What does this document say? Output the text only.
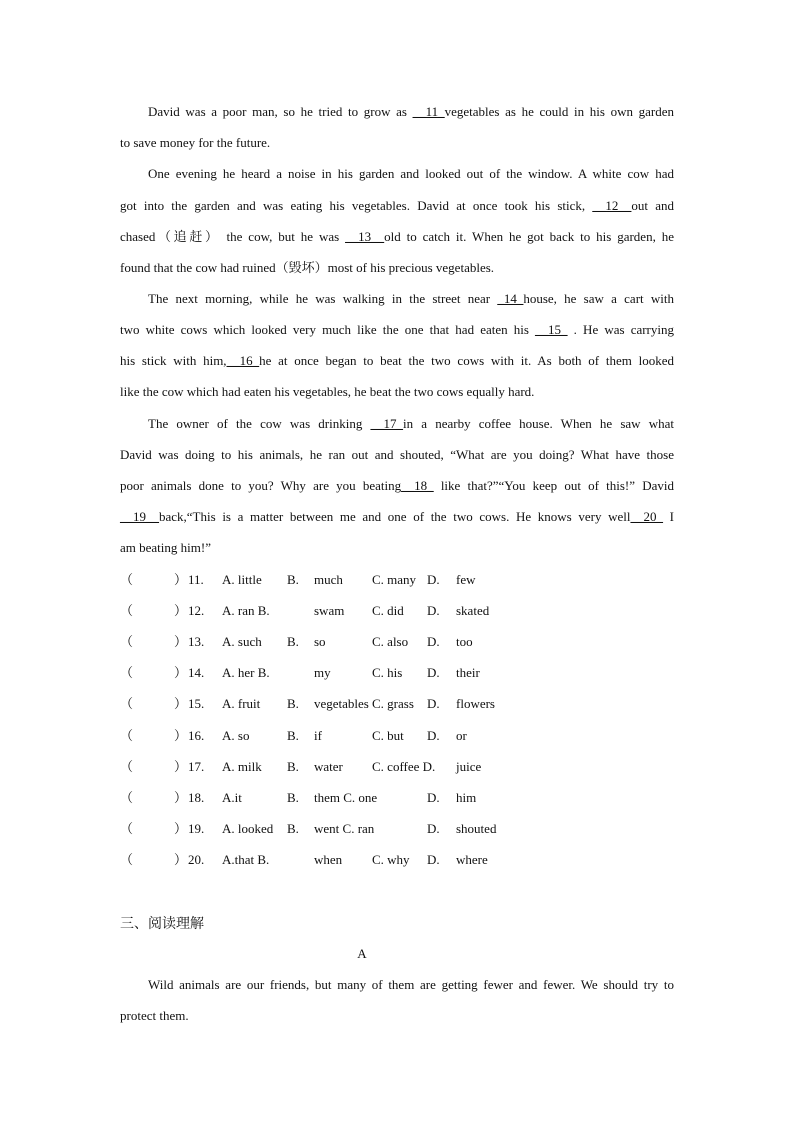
David was a poor man, so he tried to grow as __11_vegetables as he could in his own garden
to save money for the future.
One evening he heard a noise in his garden and looked out of the window. A white cow had
got into the garden and was eating his vegetables. David at once took his stick, __12__out and
chased（追赶） the cow, but he was __13__old to catch it. When he got back to his garden, he
found that the cow had ruined（毁坏）most of his precious vegetables.
The next morning, while he was walking in the street near _14_house, he saw a cart with
two white cows which looked very much like the one that had eaten his __15_ . He was carrying
his stick with him,__16_he at once began to beat the two cows with it. As both of them looked
like the cow which had eaten his vegetables, he beat the two cows equally hard.
The owner of the cow was drinking __17_in a nearby coffee house. When he saw what
David was doing to his animals, he ran out and shouted, “What are you doing? What have those
poor animals done to you? Why are you beating__18_ like that?”“You keep out of this!” David
__19__back,“This is a matter between me and one of the two cows. He knows very well__20_ I
am beating him!”
（	） 11. A. little B. much C. many D. few
（	） 12. A. ran B.	swam C. did D. skated
（	） 13. A. such B. so	C. also D. too
（	） 14. A. her B.	my	C. his D. their
（	） 15. A. fruit B. vegetables C. grass D. flowers
（	） 16. A. so	B. if	C. but D. or
（	） 17. A. milk B. water C. coffee D. juice
（	） 18. A.it	B. them C. one	D. him
（	） 19. A. looked B. went C. ran	D. shouted
（	） 20. A.that B.	when C. why D. where
三、阅读理解
A
Wild animals are our friends, but many of them are getting fewer and fewer. We should try to
protect them.
